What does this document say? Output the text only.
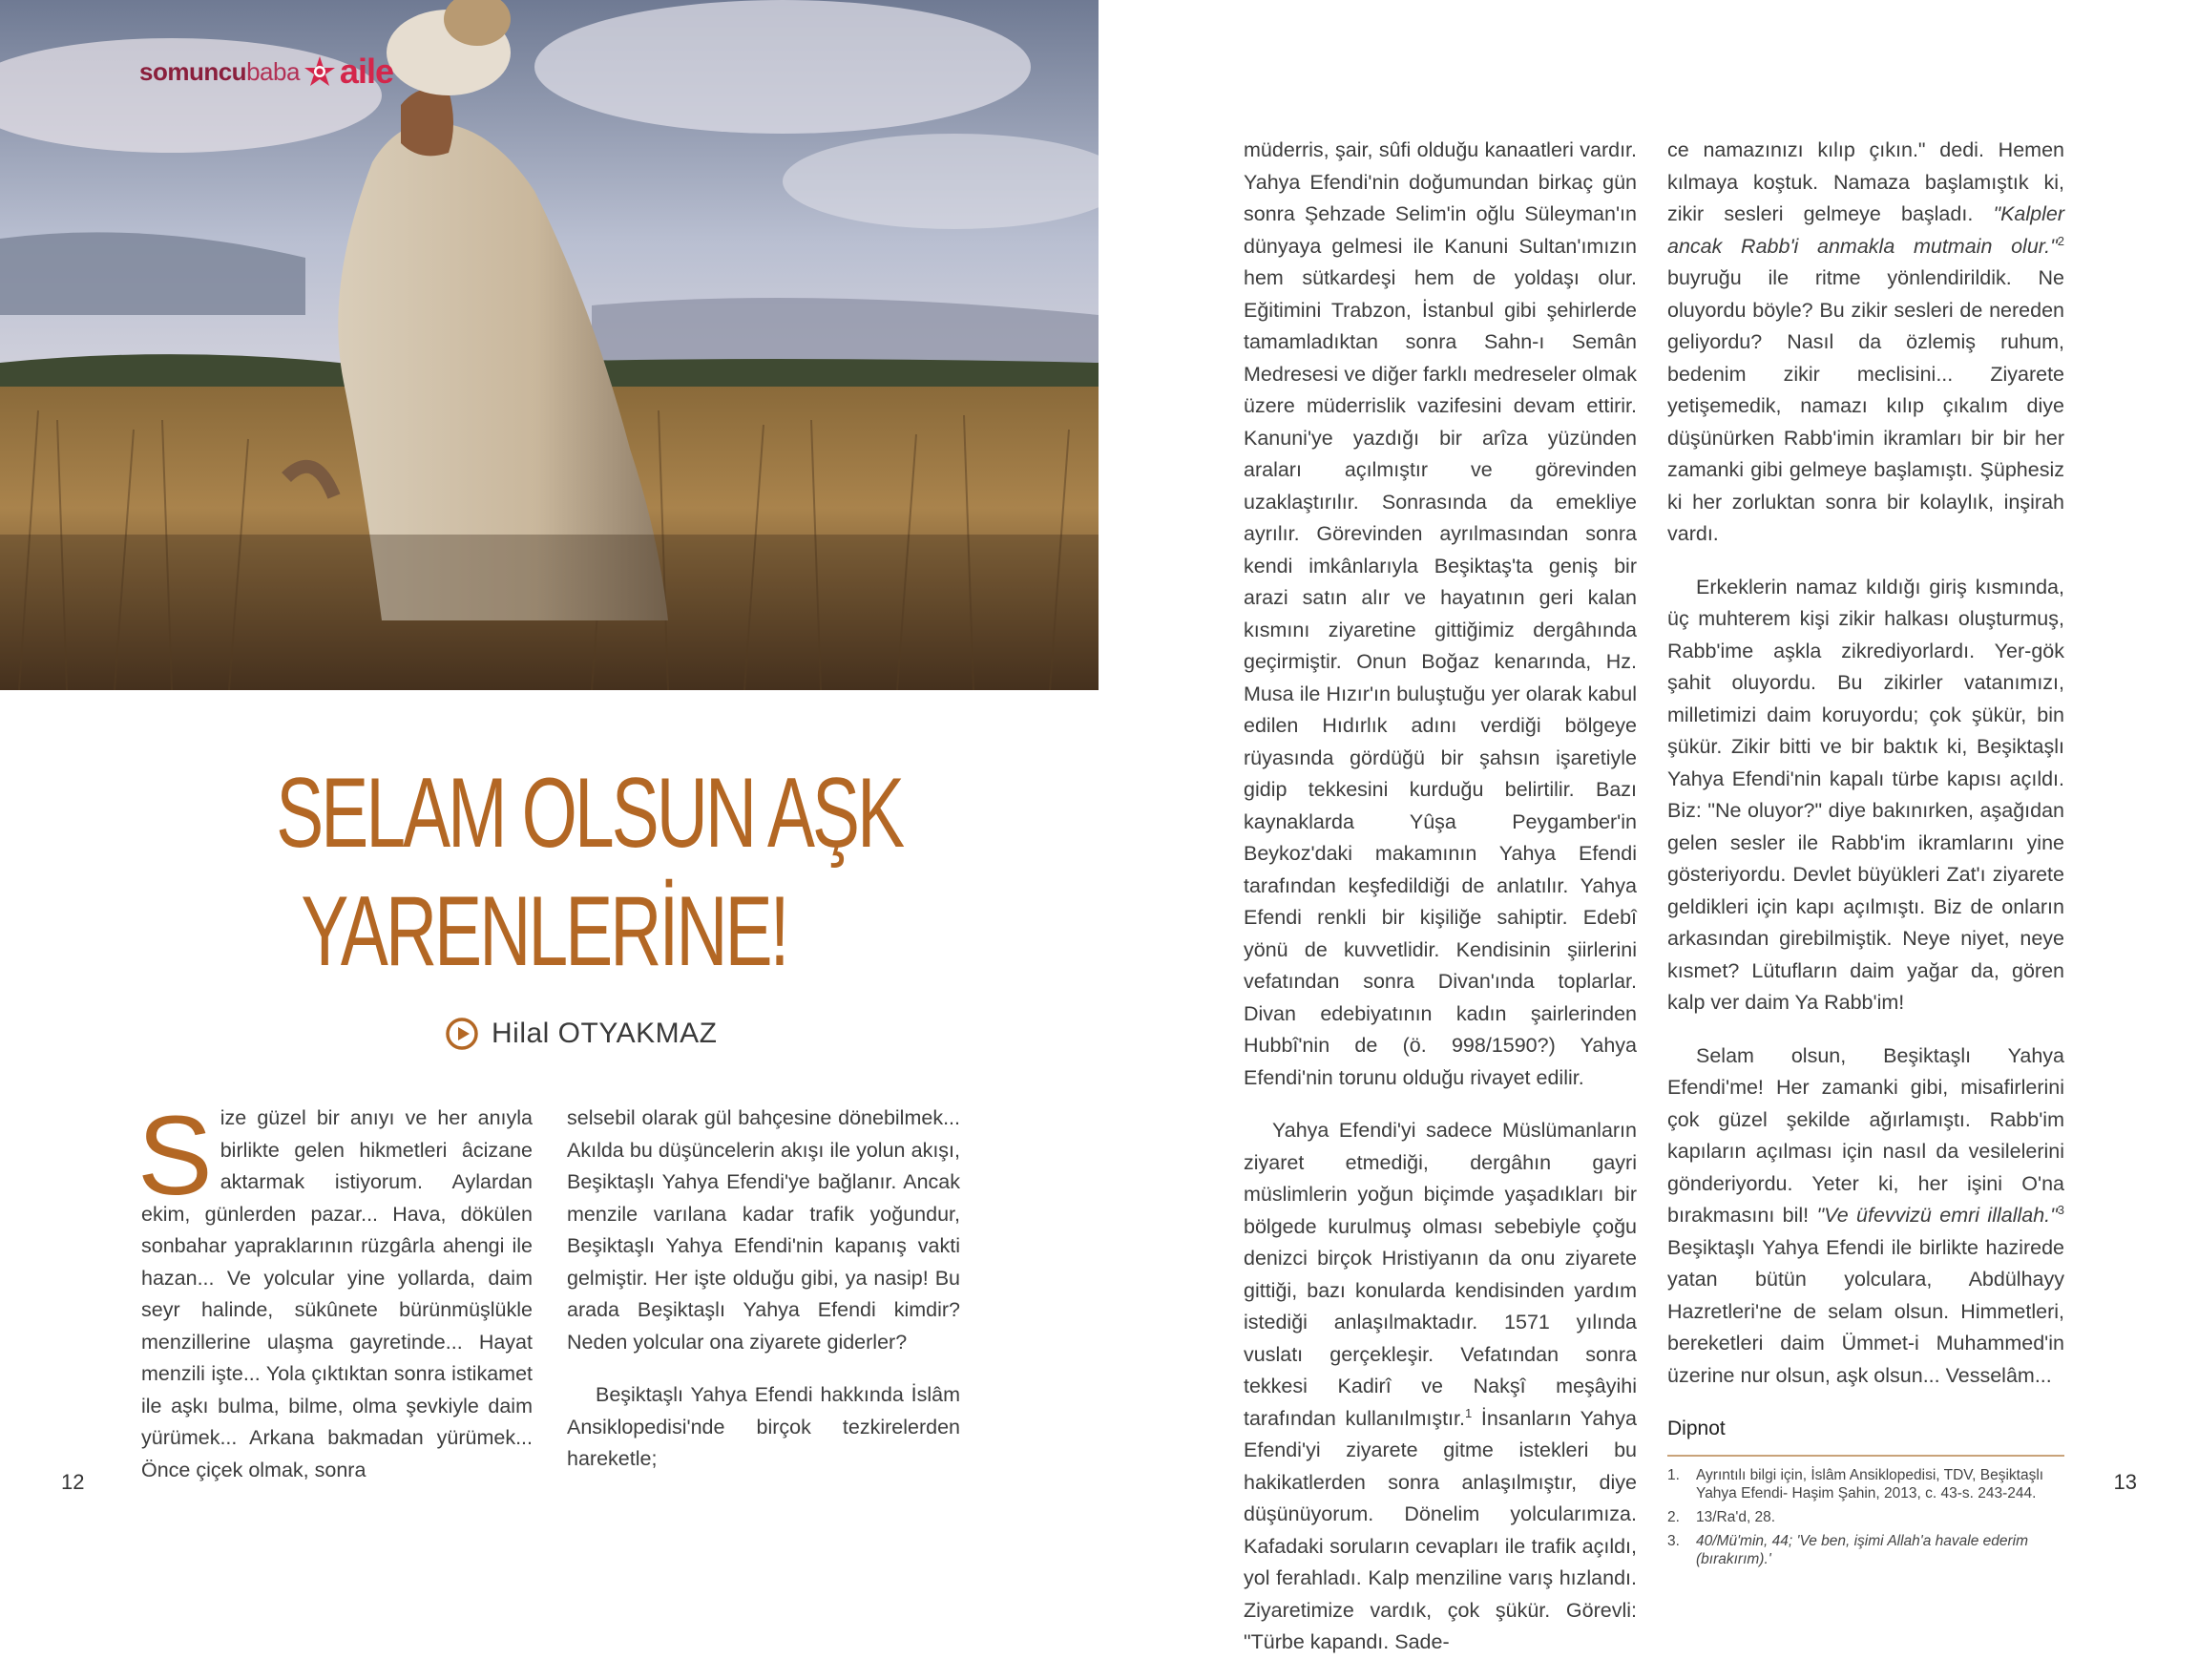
somuncu baba aile
SELAM OLSUN AŞK
YARENLERİNE!
Hilal OTYAKMAZ

Size güzel bir anıyı ve her anıyla birlikte gelen hikmetleri âcizane aktarmak istiyorum. Aylardan ekim, günlerden pazar... Hava, dökülen sonbahar yapraklarının rüzgârla ahengi ile hazan... Ve yolcular yine yollarda, daim seyr halinde, sükûnete bürünmüşlükle menzillerine ulaşma gayretinde... Hayat menzili işte... Yola çıktıktan sonra istikamet ile aşkı bulma, bilme, olma şevkiyle daim yürümek... Arkana bakmadan yürümek... Önce çiçek olmak, sonra

selsebil olarak gül bahçesine dönebilmek... Akılda bu düşüncelerin akışı ile yolun akışı, Beşiktaşlı Yahya Efendi'ye bağlanır. Ancak menzile varılana kadar trafik yoğundur, Beşiktaşlı Yahya Efendi'nin kapanış vakti gelmiştir. Her işte olduğu gibi, ya nasip! Bu arada Beşiktaşlı Yahya Efendi kimdir? Neden yolcular ona ziyarete giderler?

Beşiktaşlı Yahya Efendi hakkında İslâm Ansiklopedisi'nde birçok tezkirelerden hareketle;

12

müderris, şair, sûfi olduğu kanaatleri vardır. Yahya Efendi'nin doğumundan birkaç gün sonra Şehzade Selim'in oğlu Süleyman'ın dünyaya gelmesi ile Kanuni Sultan'ımızın hem sütkardeşi hem de yoldaşı olur. Eğitimini Trabzon, İstanbul gibi şehirlerde tamamladıktan sonra Sahn-ı Semân Medresesi ve diğer farklı medreseler olmak üzere müderrislik vazifesini devam ettirir. Kanuni'ye yazdığı bir arîza yüzünden araları açılmıştır ve görevinden uzaklaştırılır. Sonrasında da emekliye ayrılır. Görevinden ayrılmasından sonra kendi imkânlarıyla Beşiktaş'ta geniş bir arazi satın alır ve hayatının geri kalan kısmını ziyaretine gittiğimiz dergâhında geçirmiştir. Onun Boğaz kenarında, Hz. Musa ile Hızır'ın buluştuğu yer olarak kabul edilen Hıdırlık adını verdiği bölgeye rüyasında gördüğü bir şahsın işaretiyle gidip tekkesini kurduğu belirtilir. Bazı kaynaklarda Yûşa Peygamber'in Beykoz'daki makamının Yahya Efendi tarafından keşfedildiği de anlatılır. Yahya Efendi renkli bir kişiliğe sahiptir. Edebî yönü de kuvvetlidir. Kendisinin şiirlerini vefatından sonra Divan'ında toplarlar. Divan edebiyatının kadın şairlerinden Hubbî'nin de (ö. 998/1590?) Yahya Efendi'nin torunu olduğu rivayet edilir.

Yahya Efendi'yi sadece Müslümanların ziyaret etmediği, dergâhın gayri müslimlerin yoğun biçimde yaşadıkları bir bölgede kurulmuş olması sebebiyle çoğu denizci birçok Hristiyanın da onu ziyarete gittiği, bazı konularda kendisinden yardım istediği anlaşılmaktadır. 1571 yılında vuslatı gerçekleşir. Vefatından sonra tekkesi Kadirî ve Nakşî meşâyihi tarafından kullanılmıştır.$^1$ İnsanların Yahya Efendi'yi ziyarete gitme istekleri bu hakikatlerden sonra anlaşılmıştır, diye düşünüyorum. Dönelim yolcularımıza. Kafadaki soruların cevapları ile trafik açıldı, yol ferahladı. Kalp menziline varış hızlandı. Ziyaretimize vardık, çok şükür. Görevli: "Türbe kapandı. Sade-

ce namazınızı kılıp çıkın." dedi. Hemen kılmaya koştuk. Namaza başlamıştık ki, zikir sesleri gelmeye başladı. "Kalpler ancak Rabb'i anmakla mutmain olur."$^2$ buyruğu ile ritme yönlendirildik. Ne oluyordu böyle? Bu zikir sesleri de nereden geliyordu? Nasıl da özlemiş ruhum, bedenim zikir meclisini... Ziyarete yetişemedik, namazı kılıp çıkalım diye düşünürken Rabb'imin ikramları bir bir her zamanki gibi gelmeye başlamıştı. Şüphesiz ki her zorluktan sonra bir kolaylık, inşirah vardı.

Erkeklerin namaz kıldığı giriş kısmında, üç muhterem kişi zikir halkası oluşturmuş, Rabb'ime aşkla zikrediyorlardı. Yer-gök şahit oluyordu. Bu zikirler vatanımızı, milletimizi daim koruyordu; çok şükür, bin şükür. Zikir bitti ve bir baktık ki, Beşiktaşlı Yahya Efendi'nin kapalı türbe kapısı açıldı. Biz: "Ne oluyor?" diye bakınırken, aşağıdan gelen sesler ile Rabb'im ikramlarını yine gösteriyordu. Devlet büyükleri Zat'ı ziyarete geldikleri için kapı açılmıştı. Biz de onların arkasından girebilmiştik. Neye niyet, neye kısmet? Lütufların daim yağar da, gören kalp ver daim Ya Rabb'im!

Selam olsun, Beşiktaşlı Yahya Efendi'me! Her zamanki gibi, misafirlerini çok güzel şekilde ağırlamıştı. Rabb'im kapıların açılması için nasıl da vesilelerini gönderiyordu. Yeter ki, her işini O'na bırakmasını bil! "Ve üfevvizü emri illallah."$^3$ Beşiktaşlı Yahya Efendi ile birlikte hazirede yatan bütün yolculara, Abdülhayy Hazretleri'ne de selam olsun. Himmetleri, bereketleri daim Ümmet-i Muhammed'in üzerine nur olsun, aşk olsun... Vesselâm...

Dipnot
1.	Ayrıntılı bilgi için, İslâm Ansiklopedisi, TDV, Beşiktaşlı Yahya Efendi- Haşim Şahin, 2013, c. 43-s. 243-244.
2.	13/Ra'd, 28.
3.	40/Mü'min, 44; 'Ve ben, işimi Allah'a havale ederim (bırakırım).'
13
